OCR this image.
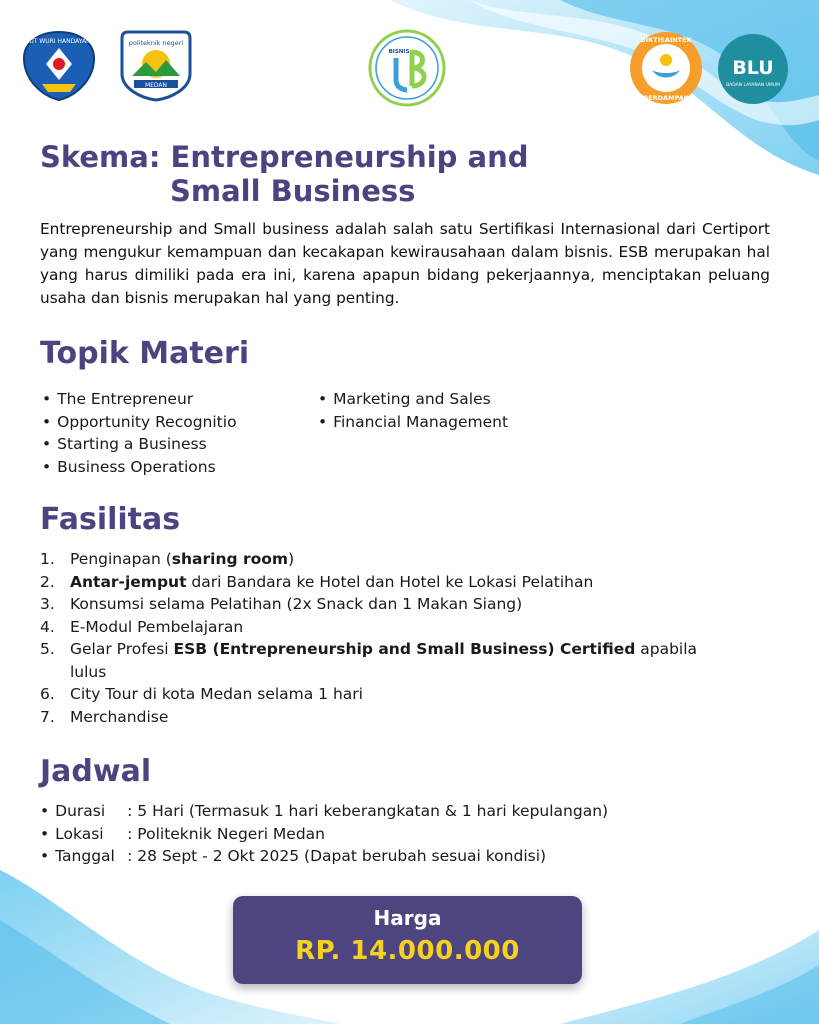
TUT WURI HANDAYANI	politeknik negeri
MEDAN
BISNIS
DIKTISAINTEK
BERDAMPAK
BLU
BADAN LAYANAN UMUM
Skema: Entrepreneurship and
Small Business

Entrepreneurship and Small business adalah salah satu Sertifikasi Internasional dari Certiport yang mengukur kemampuan dan kecakapan kewirausahaan dalam bisnis. ESB merupakan hal yang harus dimiliki pada era ini, karena apapun bidang pekerjaannya, menciptakan peluang usaha dan bisnis merupakan hal yang penting.

Topik Materi
• The Entrepreneur
• Opportunity Recognitio
• Starting a Business
• Business Operations
• Marketing and Sales
• Financial Management
Fasilitas
1. Penginapan (sharing room)
2. Antar-jemput dari Bandara ke Hotel dan Hotel ke Lokasi Pelatihan
3. Konsumsi selama Pelatihan (2x Snack dan 1 Makan Siang)
4. E-Modul Pembelajaran
5. Gelar Profesi ESB (Entrepreneurship and Small Business) Certified apabila lulus
6. City Tour di kota Medan selama 1 hari
7. Merchandise
Jadwal
• Durasi	: 5 Hari (Termasuk 1 hari keberangkatan & 1 hari kepulangan)
• Lokasi	: Politeknik Negeri Medan
• Tanggal : 28 Sept - 2 Okt 2025 (Dapat berubah sesuai kondisi)
Harga
RP. 14.000.000
